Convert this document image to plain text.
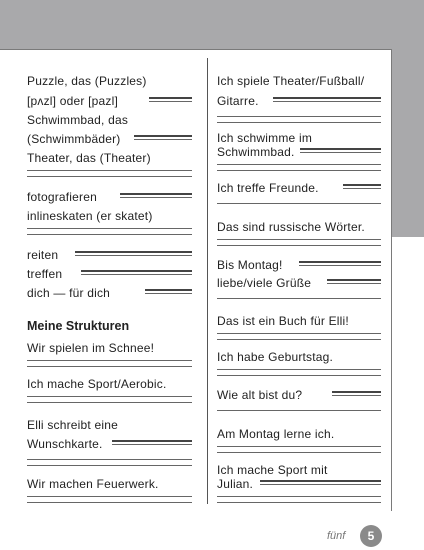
Puzzle, das (Puzzles)
[pʌzl] oder [pazl]
Schwimmbad, das
(Schwimmbäder)
Theater, das (Theater)
fotografieren
inlineskaten (er skatet)
reiten
treffen
dich — für dich
Meine Strukturen
Wir spielen im Schnee!
Ich mache Sport/Aerobic.
Elli schreibt eine
Wunschkarte.
Wir machen Feuerwerk.
Ich spiele Theater/Fußball/
Gitarre.
Ich schwimme im
Schwimmbad.
Ich treffe Freunde.
Das sind russische Wörter.
Bis Montag!
liebe/viele Grüße
Das ist ein Buch für Elli!
Ich habe Geburtstag.
Wie alt bist du?
Am Montag lerne ich.
Ich mache Sport mit
Julian.
fünf	5
